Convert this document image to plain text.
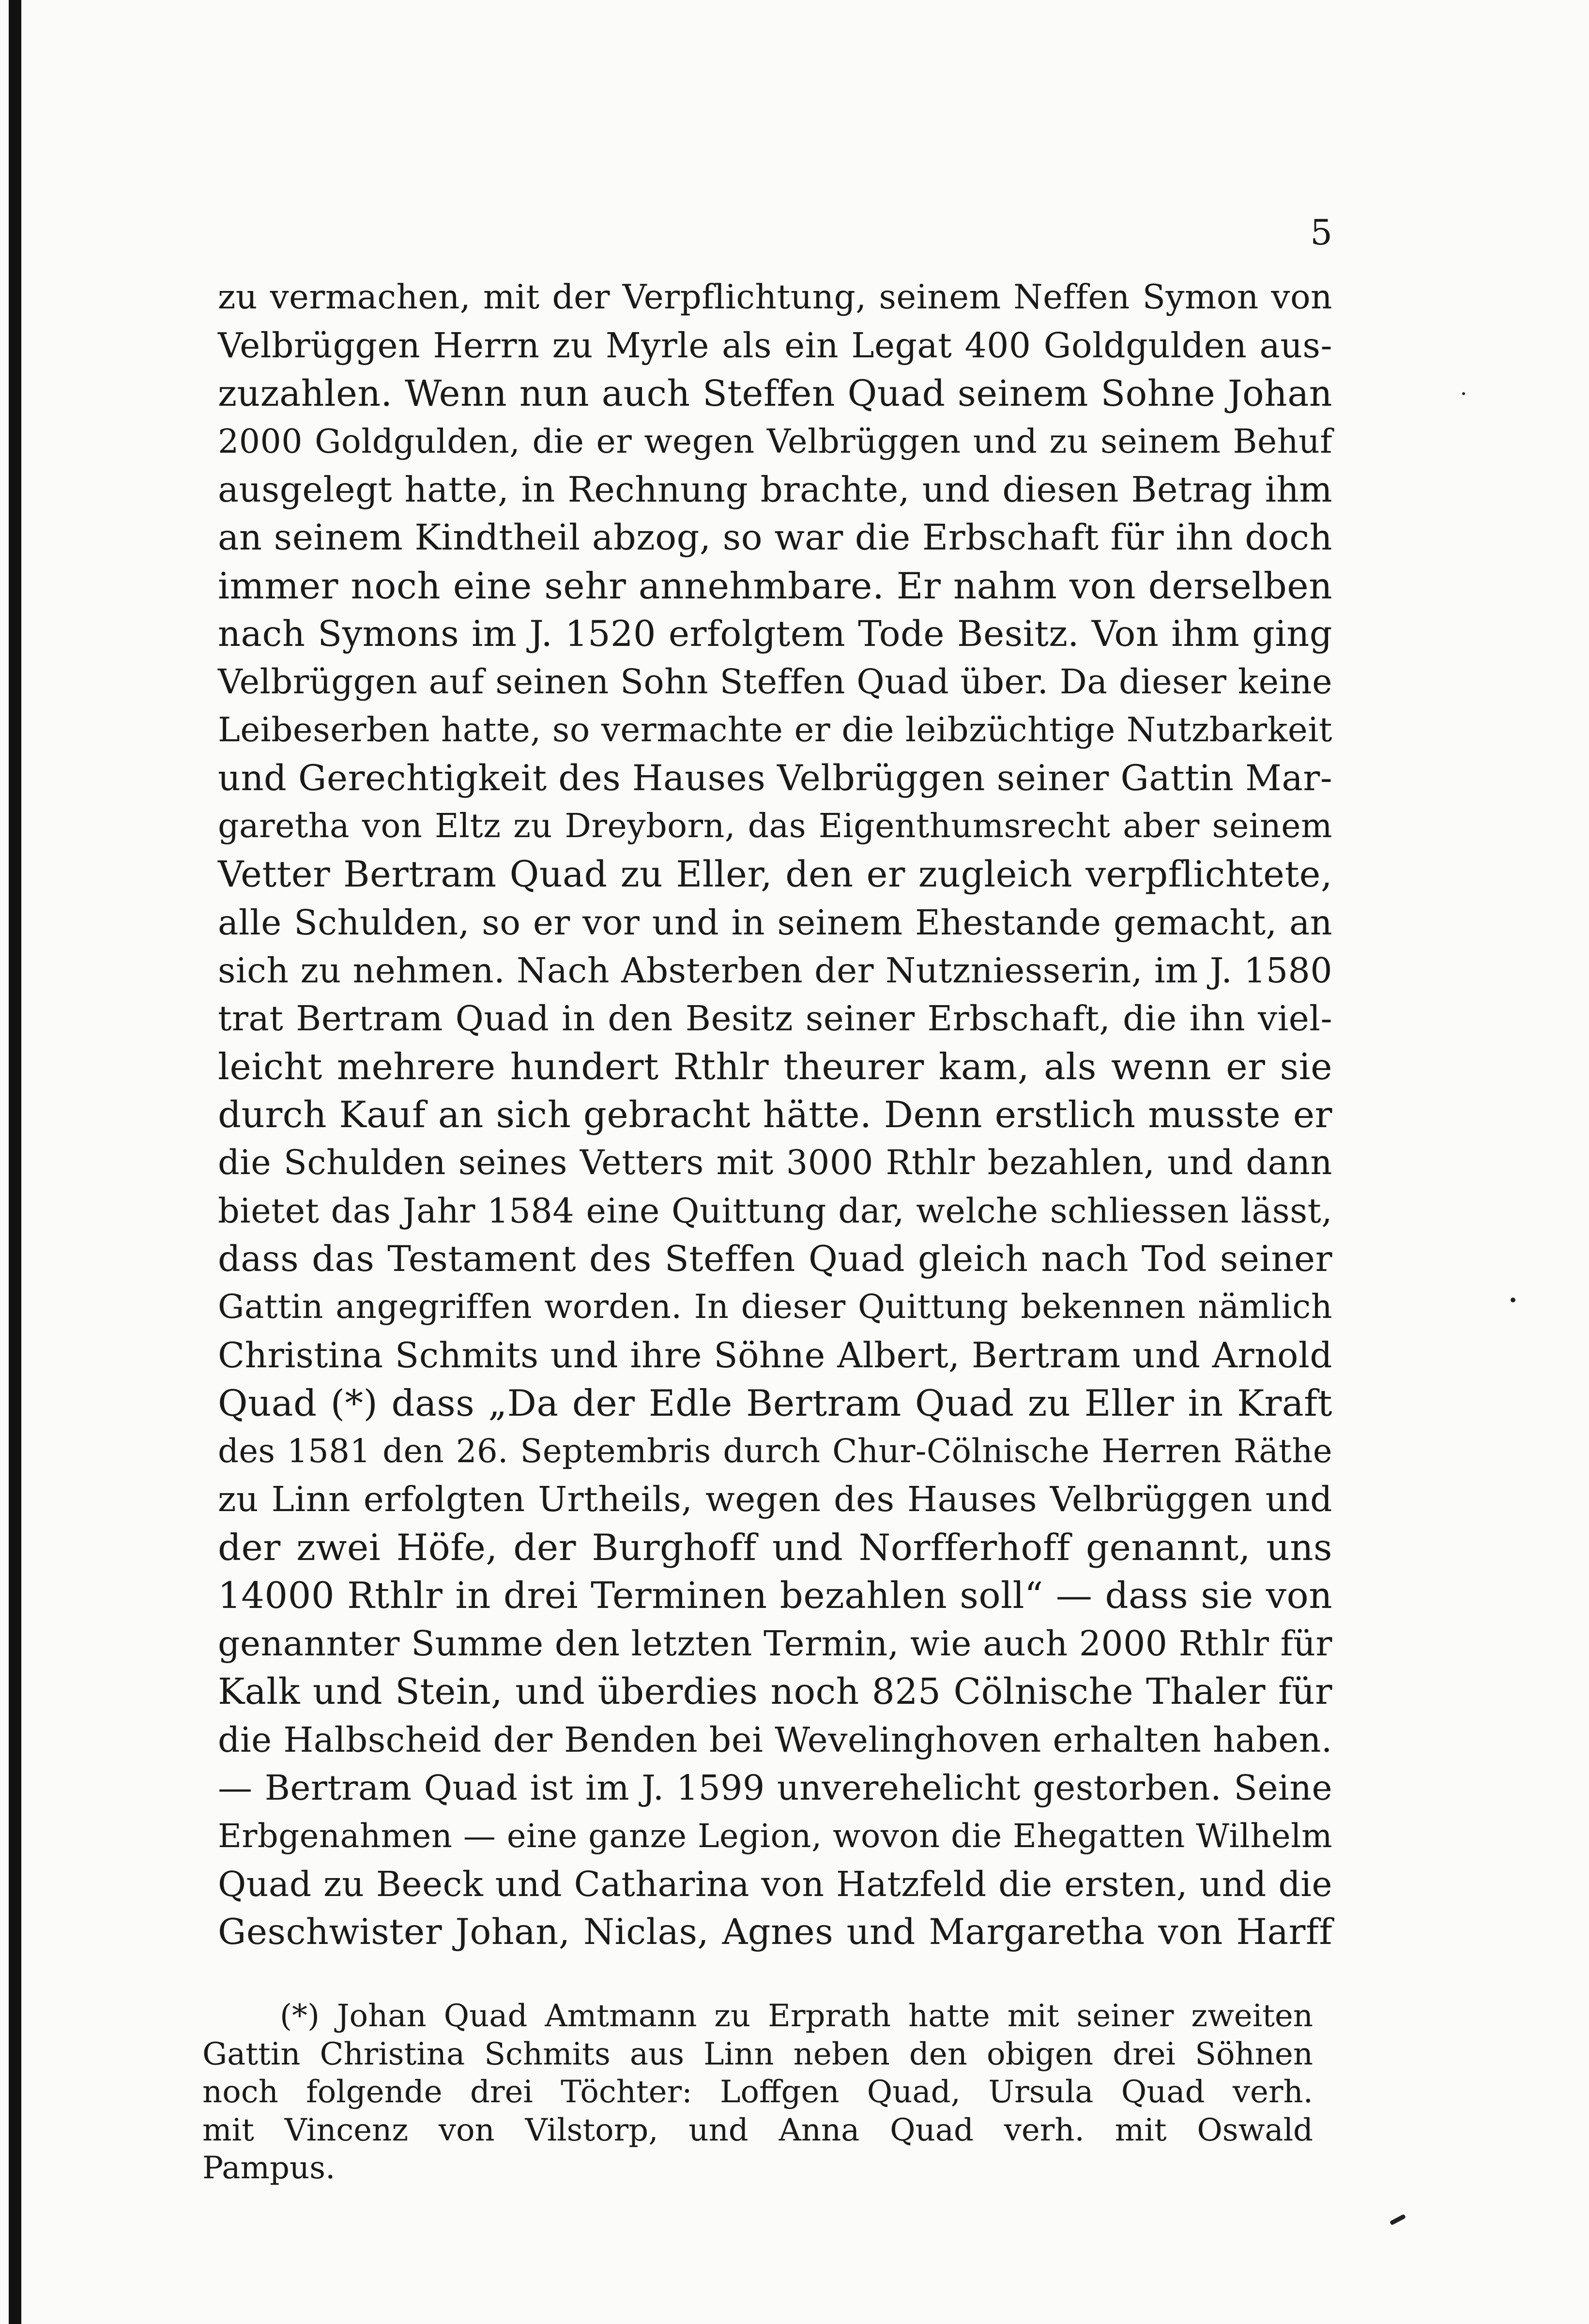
5
zu vermachen, mit der Verpflichtung, seinem Neffen Symon von
Velbrüggen Herrn zu Myrle als ein Legat 400 Goldgulden aus-
zuzahlen. Wenn nun auch Steffen Quad seinem Sohne Johan
2000 Goldgulden, die er wegen Velbrüggen und zu seinem Behuf
ausgelegt hatte, in Rechnung brachte, und diesen Betrag ihm
an seinem Kindtheil abzog, so war die Erbschaft für ihn doch
immer noch eine sehr annehmbare. Er nahm von derselben
nach Symons im J. 1520 erfolgtem Tode Besitz. Von ihm ging
Velbrüggen auf seinen Sohn Steffen Quad über. Da dieser keine
Leibeserben hatte, so vermachte er die leibzüchtige Nutzbarkeit
und Gerechtigkeit des Hauses Velbrüggen seiner Gattin Mar-
garetha von Eltz zu Dreyborn, das Eigenthumsrecht aber seinem
Vetter Bertram Quad zu Eller, den er zugleich verpflichtete,
alle Schulden, so er vor und in seinem Ehestande gemacht, an
sich zu nehmen. Nach Absterben der Nutzniesserin, im J. 1580
trat Bertram Quad in den Besitz seiner Erbschaft, die ihn viel-
leicht mehrere hundert Rthlr theurer kam, als wenn er sie
durch Kauf an sich gebracht hätte. Denn erstlich musste er
die Schulden seines Vetters mit 3000 Rthlr bezahlen, und dann
bietet das Jahr 1584 eine Quittung dar, welche schliessen lässt,
dass das Testament des Steffen Quad gleich nach Tod seiner
Gattin angegriffen worden. In dieser Quittung bekennen nämlich
Christina Schmits und ihre Söhne Albert, Bertram und Arnold
Quad (*) dass „Da der Edle Bertram Quad zu Eller in Kraft
des 1581 den 26. Septembris durch Chur-Cölnische Herren Räthe
zu Linn erfolgten Urtheils, wegen des Hauses Velbrüggen und
der zwei Höfe, der Burghoff und Norfferhoff genannt, uns
14000 Rthlr in drei Terminen bezahlen soll“ — dass sie von
genannter Summe den letzten Termin, wie auch 2000 Rthlr für
Kalk und Stein, und überdies noch 825 Cölnische Thaler für
die Halbscheid der Benden bei Wevelinghoven erhalten haben.
— Bertram Quad ist im J. 1599 unverehelicht gestorben. Seine
Erbgenahmen — eine ganze Legion, wovon die Ehegatten Wilhelm
Quad zu Beeck und Catharina von Hatzfeld die ersten, und die
Geschwister Johan, Niclas, Agnes und Margaretha von Harff
(*) Johan Quad Amtmann zu Erprath hatte mit seiner zweiten
Gattin Christina Schmits aus Linn neben den obigen drei Söhnen
noch folgende drei Töchter: Loffgen Quad, Ursula Quad verh.
mit Vincenz von Vilstorp, und Anna Quad verh. mit Oswald
Pampus.
